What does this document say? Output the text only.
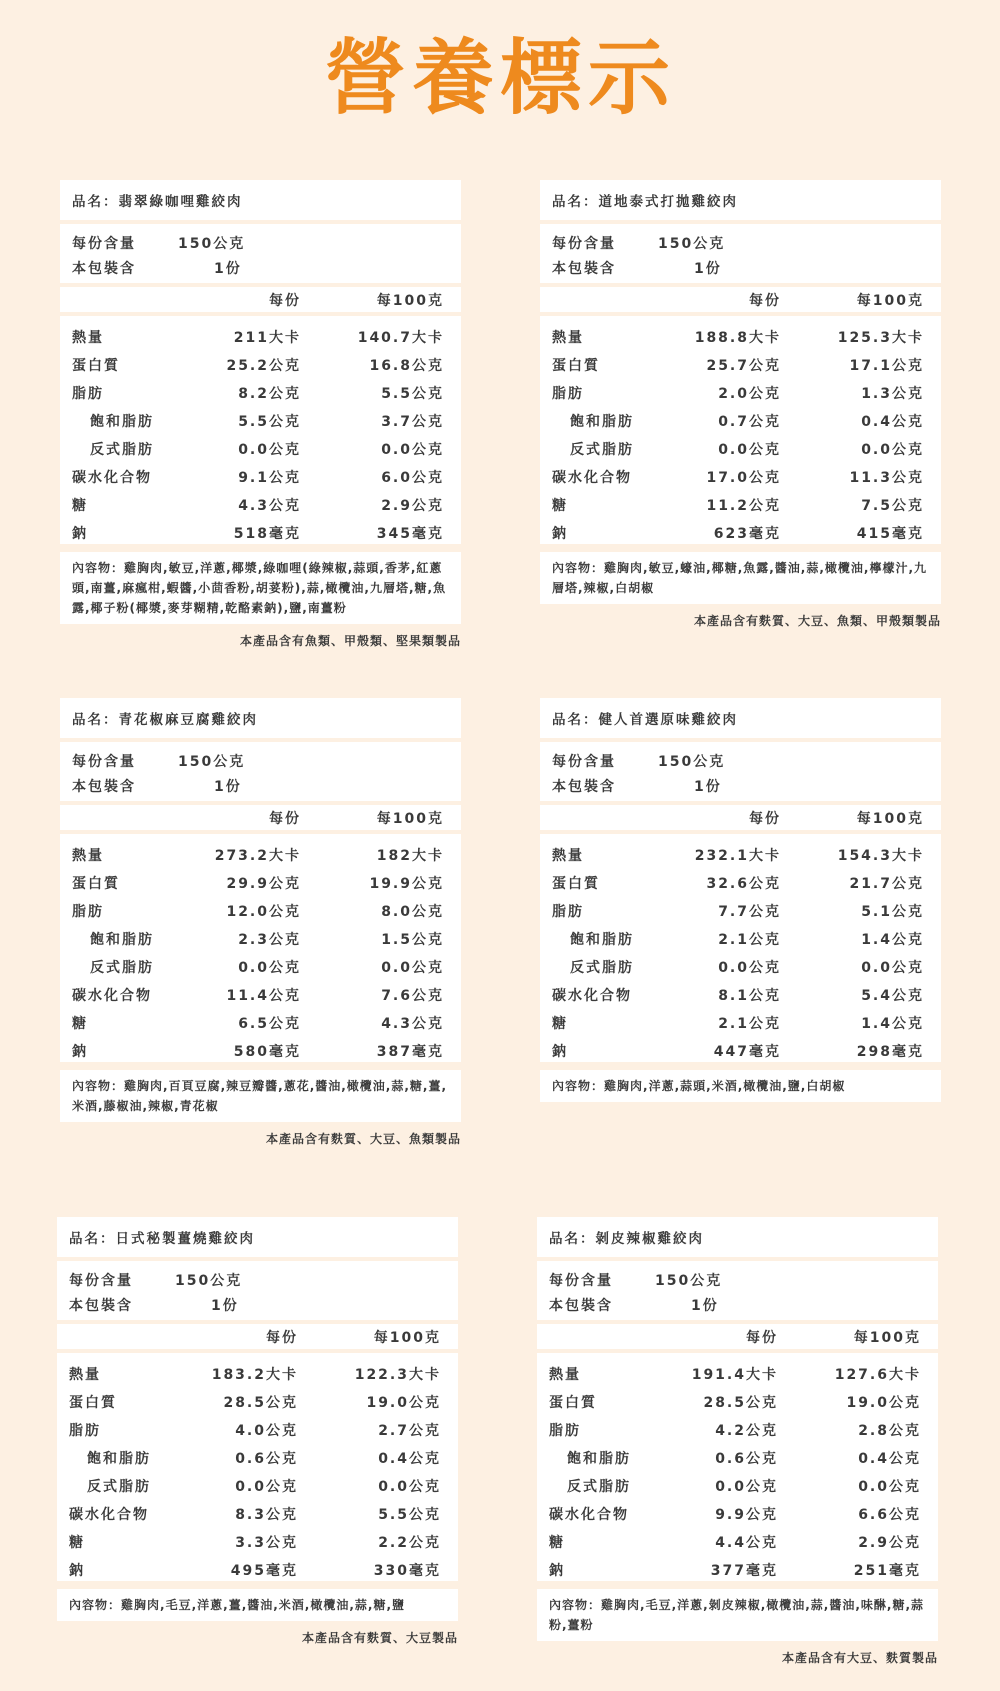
營養標示
品名： 翡翠綠咖哩雞絞肉
每份含量	150公克
本包裝含	1份
每份	每100克
熱量	211大卡	140.7大卡
蛋白質	25.2公克	16.8公克
脂肪	8.2公克	5.5公克
飽和脂肪	5.5公克	3.7公克
反式脂肪	0.0公克	0.0公克
碳水化合物	9.1公克	6.0公克
糖	4.3公克	2.9公克
鈉	518毫克	345毫克
內容物：雞胸肉,敏豆,洋蔥,椰漿,綠咖哩(綠辣椒,蒜頭,香茅,紅蔥頭,南薑,麻瘋柑,蝦醬,小茴香粉,胡荽粉),蒜,橄欖油,九層塔,糖,魚露,椰子粉(椰漿,麥芽糊精,乾酪素鈉),鹽,南薑粉
本產品含有魚類、甲殼類、堅果類製品
品名： 道地泰式打拋雞絞肉
每份含量	150公克
本包裝含	1份
每份	每100克
熱量	188.8大卡	125.3大卡
蛋白質	25.7公克	17.1公克
脂肪	2.0公克	1.3公克
飽和脂肪	0.7公克	0.4公克
反式脂肪	0.0公克	0.0公克
碳水化合物	17.0公克	11.3公克
糖	11.2公克	7.5公克
鈉	623毫克	415毫克
內容物：雞胸肉,敏豆,蠔油,椰糖,魚露,醬油,蒜,橄欖油,檸檬汁,九層塔,辣椒,白胡椒
本產品含有麩質、大豆、魚類、甲殼類製品
品名： 青花椒麻豆腐雞絞肉
每份含量	150公克
本包裝含	1份
每份	每100克
熱量	273.2大卡	182大卡
蛋白質	29.9公克	19.9公克
脂肪	12.0公克	8.0公克
飽和脂肪	2.3公克	1.5公克
反式脂肪	0.0公克	0.0公克
碳水化合物	11.4公克	7.6公克
糖	6.5公克	4.3公克
鈉	580毫克	387毫克
內容物：雞胸肉,百頁豆腐,辣豆瓣醬,蔥花,醬油,橄欖油,蒜,糖,薑,米酒,藤椒油,辣椒,青花椒
本產品含有麩質、大豆、魚類製品
品名： 健人首選原味雞絞肉
每份含量	150公克
本包裝含	1份
每份	每100克
熱量	232.1大卡	154.3大卡
蛋白質	32.6公克	21.7公克
脂肪	7.7公克	5.1公克
飽和脂肪	2.1公克	1.4公克
反式脂肪	0.0公克	0.0公克
碳水化合物	8.1公克	5.4公克
糖	2.1公克	1.4公克
鈉	447毫克	298毫克
內容物：雞胸肉,洋蔥,蒜頭,米酒,橄欖油,鹽,白胡椒
品名： 日式秘製薑燒雞絞肉
每份含量	150公克
本包裝含	1份
每份	每100克
熱量	183.2大卡	122.3大卡
蛋白質	28.5公克	19.0公克
脂肪	4.0公克	2.7公克
飽和脂肪	0.6公克	0.4公克
反式脂肪	0.0公克	0.0公克
碳水化合物	8.3公克	5.5公克
糖	3.3公克	2.2公克
鈉	495毫克	330毫克
內容物：雞胸肉,毛豆,洋蔥,薑,醬油,米酒,橄欖油,蒜,糖,鹽
本產品含有麩質、大豆製品
品名： 剝皮辣椒雞絞肉
每份含量	150公克
本包裝含	1份
每份	每100克
熱量	191.4大卡	127.6大卡
蛋白質	28.5公克	19.0公克
脂肪	4.2公克	2.8公克
飽和脂肪	0.6公克	0.4公克
反式脂肪	0.0公克	0.0公克
碳水化合物	9.9公克	6.6公克
糖	4.4公克	2.9公克
鈉	377毫克	251毫克
內容物：雞胸肉,毛豆,洋蔥,剝皮辣椒,橄欖油,蒜,醬油,味醂,糖,蒜粉,薑粉
本產品含有大豆、麩質製品
